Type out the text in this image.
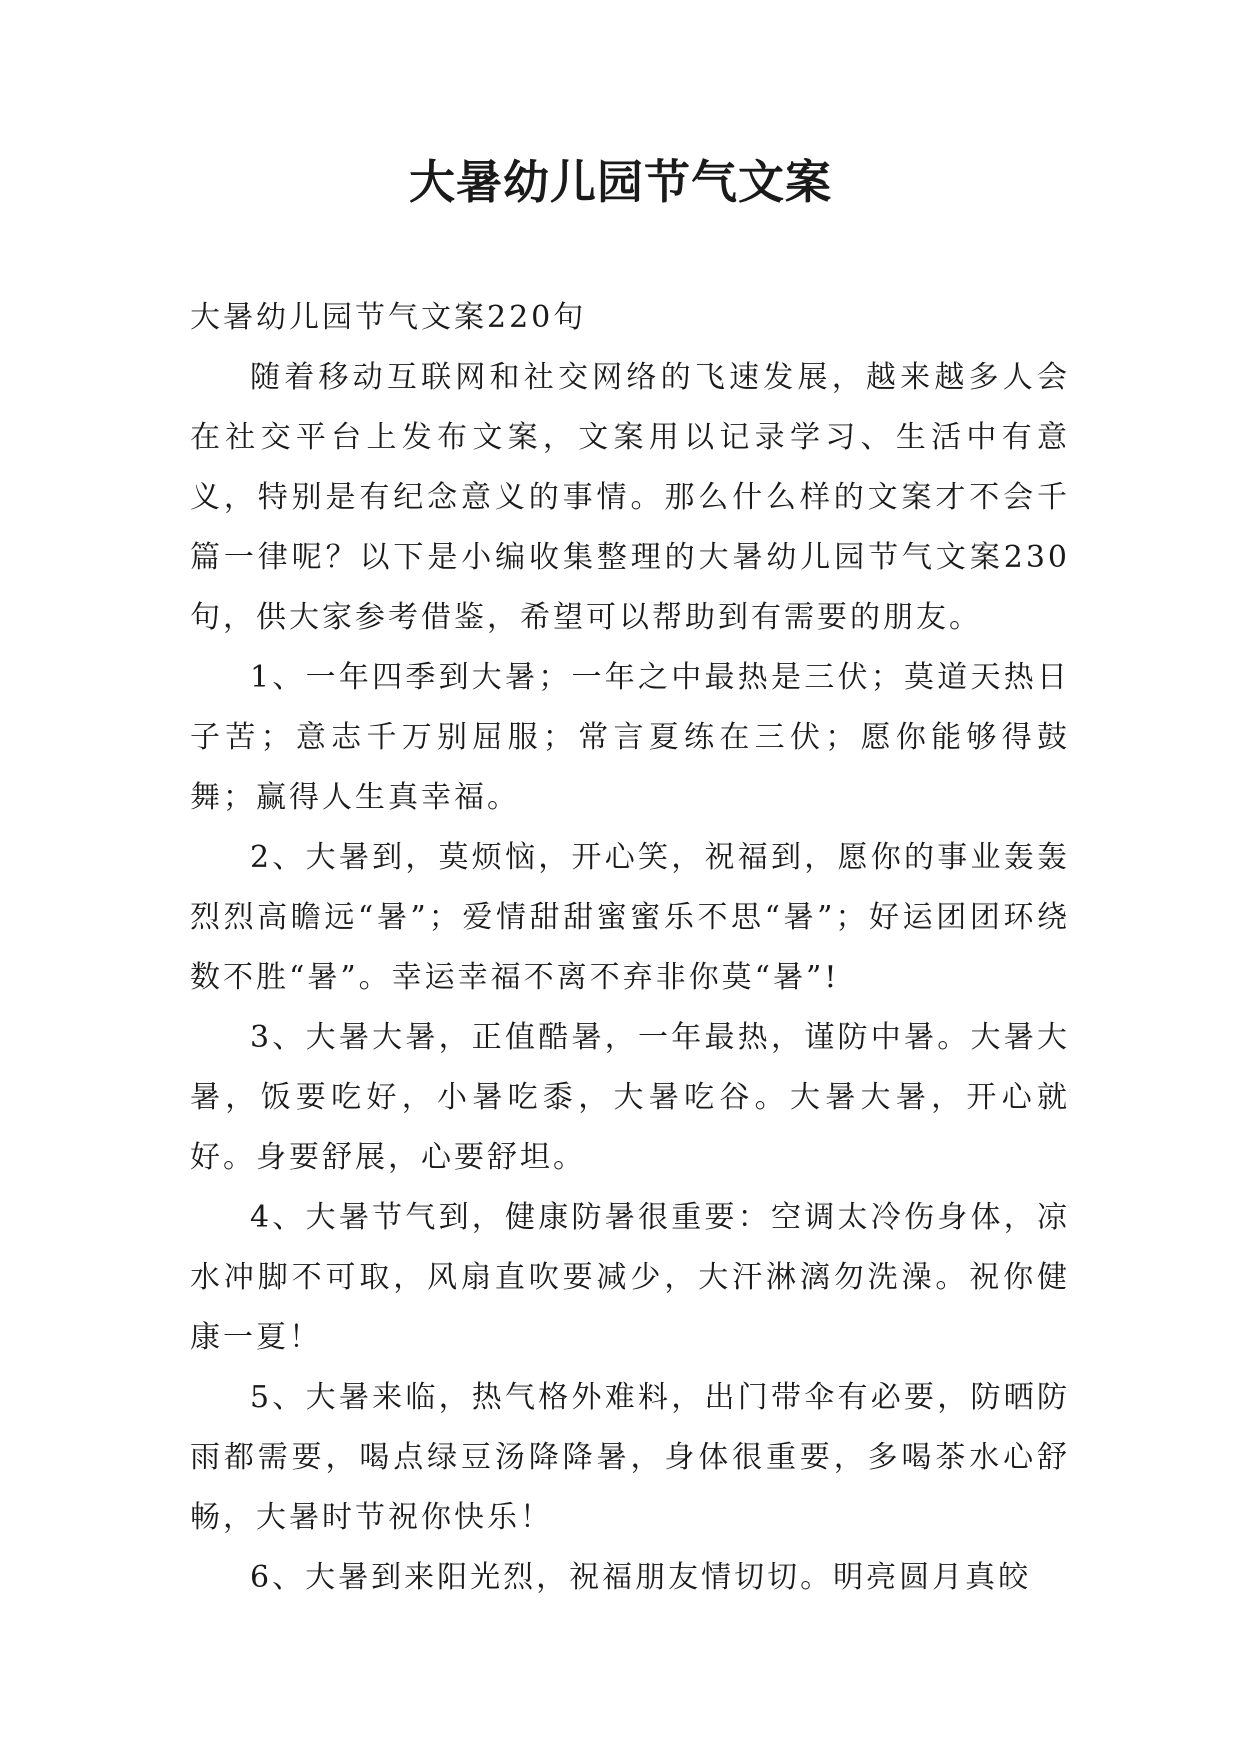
大暑幼儿园节气文案

大暑幼儿园节气文案220句

随着移动互联网和社交网络的飞速发展，越来越多人会在社交平台上发布文案，文案用以记录学习、生活中有意义，特别是有纪念意义的事情。那么什么样的文案才不会千篇一律呢？以下是小编收集整理的大暑幼儿园节气文案230句，供大家参考借鉴，希望可以帮助到有需要的朋友。

1、一年四季到大暑；一年之中最热是三伏；莫道天热日子苦；意志千万别屈服；常言夏练在三伏；愿你能够得鼓舞；赢得人生真幸福。

2、大暑到，莫烦恼，开心笑，祝福到，愿你的事业轰轰烈烈高瞻远“暑”；爱情甜甜蜜蜜乐不思“暑”；好运团团环绕数不胜“暑”。幸运幸福不离不弃非你莫“暑”!

3、大暑大暑，正值酷暑，一年最热，谨防中暑。大暑大暑，饭要吃好，小暑吃黍，大暑吃谷。大暑大暑，开心就好。身要舒展，心要舒坦。

4、大暑节气到，健康防暑很重要：空调太冷伤身体，凉水冲脚不可取，风扇直吹要减少，大汗淋漓勿洗澡。祝你健康一夏！

5、大暑来临，热气格外难料，出门带伞有必要，防晒防雨都需要，喝点绿豆汤降降暑，身体很重要，多喝茶水心舒畅，大暑时节祝你快乐！

6、大暑到来阳光烈，祝福朋友情切切。明亮圆月真皎
